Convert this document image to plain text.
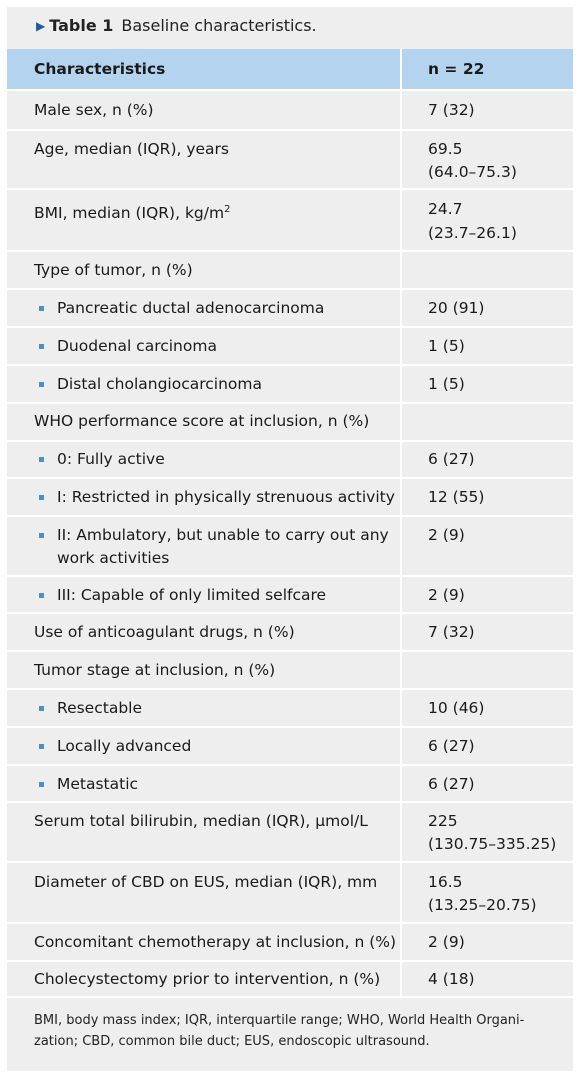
▶ Table 1 Baseline characteristics.
Characteristics	n = 22
Male sex, n (%)	7 (32)
Age, median (IQR), years	69.5
(64.0–75.3)
BMI, median (IQR), $kg/m^2$	24.7
(23.7–26.1)
Type of tumor, n (%)
Pancreatic ductal adenocarcinoma	20 (91)
Duodenal carcinoma	1 (5)
Distal cholangiocarcinoma	1 (5)
WHO performance score at inclusion, n (%)
0: Fully active	6 (27)
I: Restricted in physically strenuous activity 12 (55)
II: Ambulatory, but unable to carry out any
work activities
2 (9)
III: Capable of only limited selfcare	2 (9)
Use of anticoagulant drugs, n (%)	7 (32)
Tumor stage at inclusion, n (%)
Resectable	10 (46)
Locally advanced	6 (27)
Metastatic	6 (27)
Serum total bilirubin, median (IQR), µmol/L	225
(130.75–335.25)
Diameter of CBD on EUS, median (IQR), mm	16.5
(13.25–20.75)
Concomitant chemotherapy at inclusion, n (%) 2 (9)
Cholecystectomy prior to intervention, n (%)	4 (18)
BMI, body mass index; IQR, interquartile range; WHO, World Health Organi-
zation; CBD, common bile duct; EUS, endoscopic ultrasound.
